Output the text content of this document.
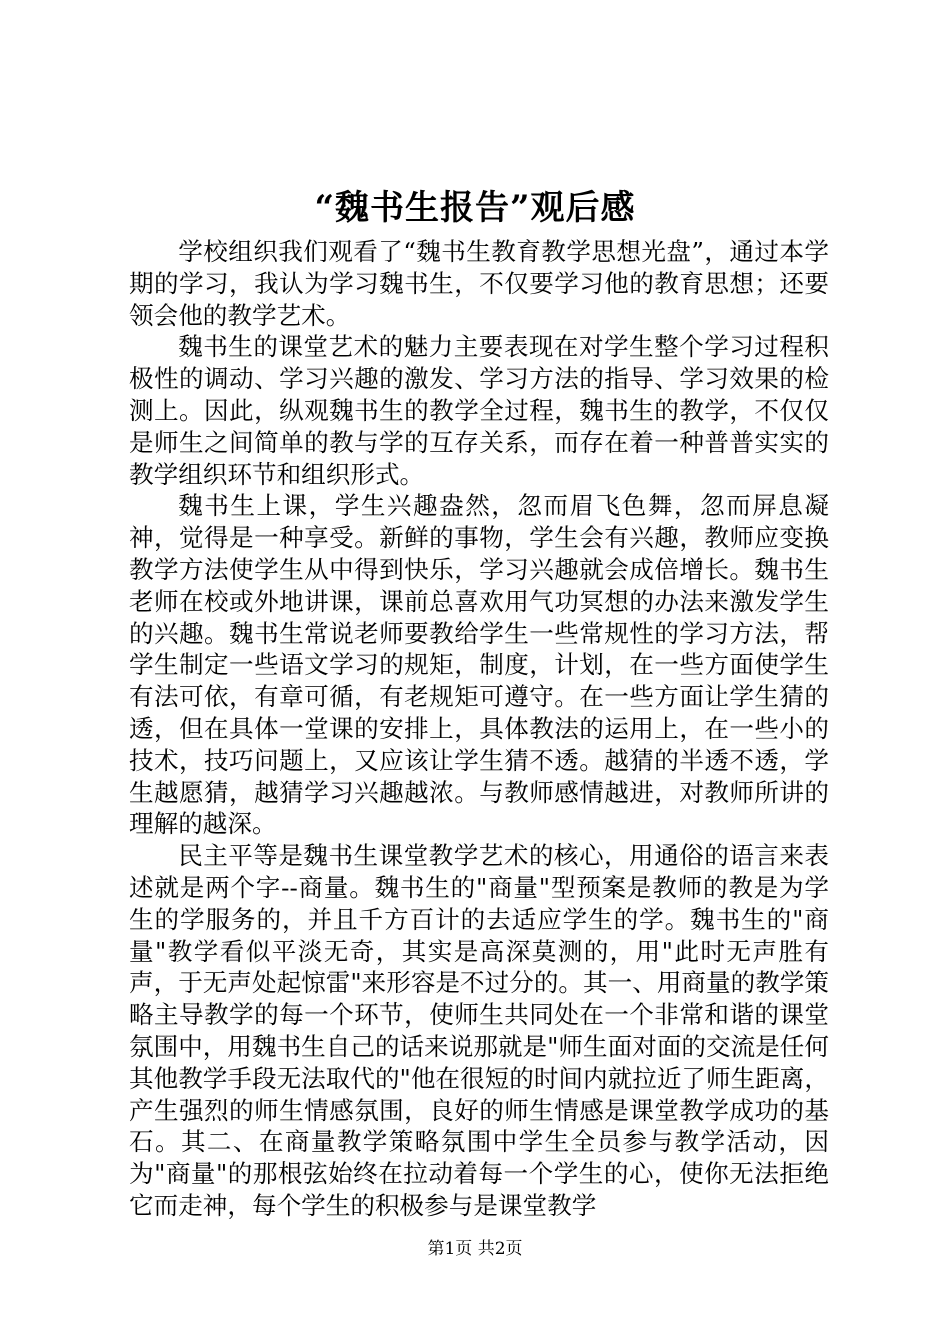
“魏书生报告”观后感

学校组织我们观看了“魏书生教育教学思想光盘”，通过本学期的学习，我认为学习魏书生，不仅要学习他的教育思想；还要领会他的教学艺术。

魏书生的课堂艺术的魅力主要表现在对学生整个学习过程积极性的调动、学习兴趣的激发、学习方法的指导、学习效果的检测上。因此，纵观魏书生的教学全过程，魏书生的教学，不仅仅是师生之间简单的教与学的互存关系，而存在着一种普普实实的教学组织环节和组织形式。

魏书生上课，学生兴趣盎然，忽而眉飞色舞，忽而屏息凝神，觉得是一种享受。新鲜的事物，学生会有兴趣，教师应变换教学方法使学生从中得到快乐，学习兴趣就会成倍增长。魏书生老师在校或外地讲课，课前总喜欢用气功冥想的办法来激发学生的兴趣。魏书生常说老师要教给学生一些常规性的学习方法，帮学生制定一些语文学习的规矩，制度，计划，在一些方面使学生有法可依，有章可循，有老规矩可遵守。在一些方面让学生猜的透，但在具体一堂课的安排上，具体教法的运用上，在一些小的技术，技巧问题上，又应该让学生猜不透。越猜的半透不透，学生越愿猜，越猜学习兴趣越浓。与教师感情越进，对教师所讲的理解的越深。

民主平等是魏书生课堂教学艺术的核心，用通俗的语言来表述就是两个字--商量。魏书生的"商量"型预案是教师的教是为学生的学服务的，并且千方百计的去适应学生的学。魏书生的"商量"教学看似平淡无奇，其实是高深莫测的，用"此时无声胜有声，于无声处起惊雷"来形容是不过分的。其一、用商量的教学策略主导教学的每一个环节，使师生共同处在一个非常和谐的课堂氛围中，用魏书生自己的话来说那就是"师生面对面的交流是任何其他教学手段无法取代的"他在很短的时间内就拉近了师生距离，产生强烈的师生情感氛围，良好的师生情感是课堂教学成功的基石。其二、在商量教学策略氛围中学生全员参与教学活动，因为"商量"的那根弦始终在拉动着每一个学生的心，使你无法拒绝它而走神，每个学生的积极参与是课堂教学

第1页 共2页
